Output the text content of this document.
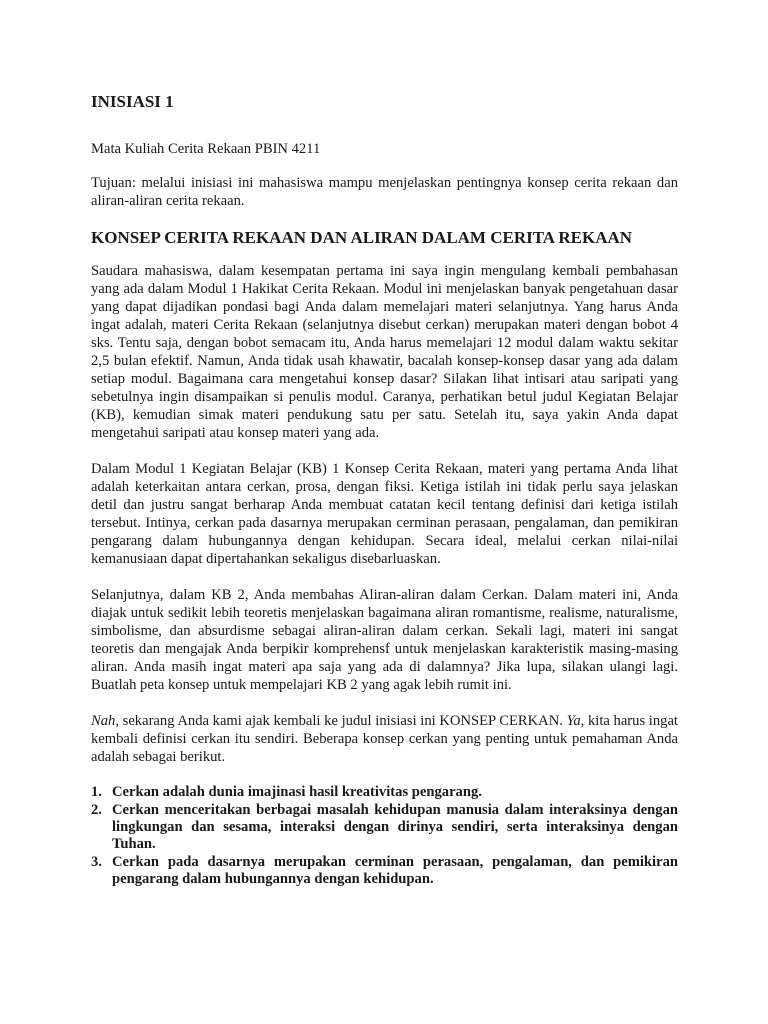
INISIASI 1

Mata Kuliah Cerita Rekaan PBIN 4211

Tujuan: melalui inisiasi ini mahasiswa mampu menjelaskan pentingnya konsep cerita rekaan dan aliran-aliran cerita rekaan.

KONSEP CERITA REKAAN DAN ALIRAN DALAM CERITA REKAAN

Saudara mahasiswa, dalam kesempatan pertama ini saya ingin mengulang kembali pembahasan yang ada dalam Modul 1 Hakikat Cerita Rekaan. Modul ini menjelaskan banyak pengetahuan dasar yang dapat dijadikan pondasi bagi Anda dalam memelajari materi selanjutnya. Yang harus Anda ingat adalah, materi Cerita Rekaan (selanjutnya disebut cerkan) merupakan materi dengan bobot 4 sks. Tentu saja, dengan bobot semacam itu, Anda harus memelajari 12 modul dalam waktu sekitar 2,5 bulan efektif. Namun, Anda tidak usah khawatir, bacalah konsep-konsep dasar yang ada dalam setiap modul. Bagaimana cara mengetahui konsep dasar? Silakan lihat intisari atau saripati yang sebetulnya ingin disampaikan si penulis modul. Caranya, perhatikan betul judul Kegiatan Belajar (KB), kemudian simak materi pendukung satu per satu. Setelah itu, saya yakin Anda dapat mengetahui saripati atau konsep materi yang ada.

Dalam Modul 1 Kegiatan Belajar (KB) 1 Konsep Cerita Rekaan, materi yang pertama Anda lihat adalah keterkaitan antara cerkan, prosa, dengan fiksi. Ketiga istilah ini tidak perlu saya jelaskan detil dan justru sangat berharap Anda membuat catatan kecil tentang definisi dari ketiga istilah tersebut. Intinya, cerkan pada dasarnya merupakan cerminan perasaan, pengalaman, dan pemikiran pengarang dalam hubungannya dengan kehidupan. Secara ideal, melalui cerkan nilai-nilai kemanusiaan dapat dipertahankan sekaligus disebarluaskan.

Selanjutnya, dalam KB 2, Anda membahas Aliran-aliran dalam Cerkan. Dalam materi ini, Anda diajak untuk sedikit lebih teoretis menjelaskan bagaimana aliran romantisme, realisme, naturalisme, simbolisme, dan absurdisme sebagai aliran-aliran dalam cerkan. Sekali lagi, materi ini sangat teoretis dan mengajak Anda berpikir komprehensf untuk menjelaskan karakteristik masing-masing aliran. Anda masih ingat materi apa saja yang ada di dalamnya? Jika lupa, silakan ulangi lagi. Buatlah peta konsep untuk mempelajari KB 2 yang agak lebih rumit ini.

Nah, sekarang Anda kami ajak kembali ke judul inisiasi ini KONSEP CERKAN. Ya, kita harus ingat kembali definisi cerkan itu sendiri. Beberapa konsep cerkan yang penting untuk pemahaman Anda adalah sebagai berikut.

1. Cerkan adalah dunia imajinasi hasil kreativitas pengarang.
2. Cerkan menceritakan berbagai masalah kehidupan manusia dalam interaksinya dengan lingkungan dan sesama, interaksi dengan dirinya sendiri, serta interaksinya dengan Tuhan.
3. Cerkan pada dasarnya merupakan cerminan perasaan, pengalaman, dan pemikiran pengarang dalam hubungannya dengan kehidupan.
